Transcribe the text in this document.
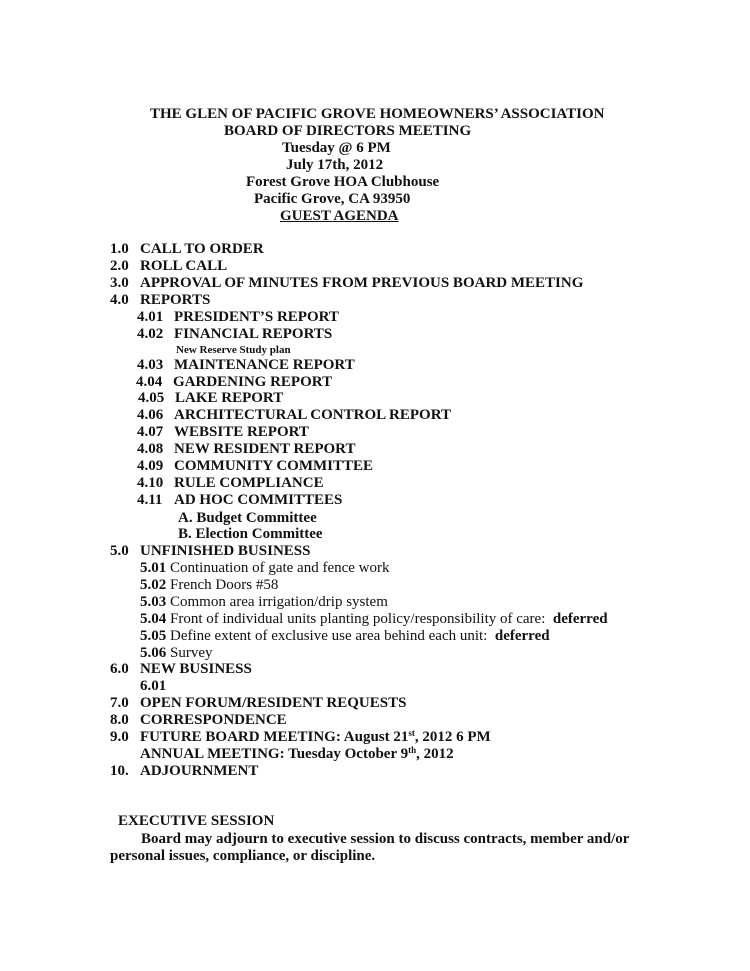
THE GLEN OF PACIFIC GROVE HOMEOWNERS’ ASSOCIATION
BOARD OF DIRECTORS MEETING
Tuesday @ 6 PM
July 17th, 2012
Forest Grove HOA Clubhouse
Pacific Grove, CA 93950
GUEST AGENDA
1.0 CALL TO ORDER
2.0 ROLL CALL
3.0 APPROVAL OF MINUTES FROM PREVIOUS BOARD MEETING
4.0 REPORTS
4.01 PRESIDENT’S REPORT
4.02 FINANCIAL REPORTS
New Reserve Study plan
4.03 MAINTENANCE REPORT
4.04 GARDENING REPORT
4.05 LAKE REPORT
4.06 ARCHITECTURAL CONTROL REPORT
4.07 WEBSITE REPORT
4.08 NEW RESIDENT REPORT
4.09 COMMUNITY COMMITTEE
4.10 RULE COMPLIANCE
4.11 AD HOC COMMITTEES
A. Budget Committee
B. Election Committee
5.0 UNFINISHED BUSINESS
5.01 Continuation of gate and fence work
5.02 French Doors #58
5.03 Common area irrigation/drip system
5.04 Front of individual units planting policy/responsibility of care: deferred
5.05 Define extent of exclusive use area behind each unit: deferred
5.06 Survey
6.0 NEW BUSINESS
6.01
7.0 OPEN FORUM/RESIDENT REQUESTS
8.0 CORRESPONDENCE
9.0 FUTURE BOARD MEETING: August 21st, 2012 6 PM
ANNUAL MEETING: Tuesday October 9th, 2012
10. ADJOURNMENT
EXECUTIVE SESSION
Board may adjourn to executive session to discuss contracts, member and/or
personal issues, compliance, or discipline.
